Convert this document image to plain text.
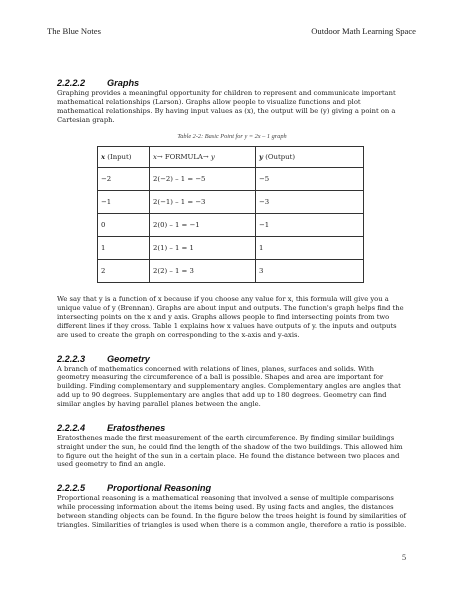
The Blue Notes	Outdoor Math Learning Space
2.2.2.2 Graphs

Graphing provides a meaningful opportunity for children to represent and communicate important mathematical relationships (Larson). Graphs allow people to visualize functions and plot mathematical relationships. By having input values as (x), the output will be (y) giving a point on a Cartesian graph.

Table 2-2: Basic Point for y = 2x – 1 graph

x (Input)	x→ FORMULA→ y	y (Output)
−2	2(−2) – 1 = −5	−5
−1	2(−1) – 1 = −3	−3
0	2(0) – 1 = −1	−1
1	2(1) – 1 = 1	1
2	2(2) – 1 = 3	3

We say that y is a function of x because if you choose any value for x, this formula will give you a unique value of y (Brennan). Graphs are about input and outputs. The function's graph helps find the intersecting points on the x and y axis. Graphs allows people to find intersecting points from two different lines if they cross. Table 1 explains how x values have outputs of y. the inputs and outputs are used to create the graph on corresponding to the x-axis and y-axis.

2.2.2.3 Geometry

A branch of mathematics concerned with relations of lines, planes, surfaces and solids. With geometry measuring the circumference of a ball is possible. Shapes and area are important for building. Finding complementary and supplementary angles. Complementary angles are angles that add up to 90 degrees. Supplementary are angles that add up to 180 degrees. Geometry can find similar angles by having parallel planes between the angle.

2.2.2.4 Eratosthenes

Eratosthenes made the first measurement of the earth circumference. By finding similar buildings straight under the sun, he could find the length of the shadow of the two buildings. This allowed him to figure out the height of the sun in a certain place. He found the distance between two places and used geometry to find an angle.

2.2.2.5 Proportional Reasoning

Proportional reasoning is a mathematical reasoning that involved a sense of multiple comparisons while processing information about the items being used. By using facts and angles, the distances between standing objects can be found. In the figure below the trees height is found by similarities of triangles. Similarities of triangles is used when there is a common angle, therefore a ratio is possible.

5
